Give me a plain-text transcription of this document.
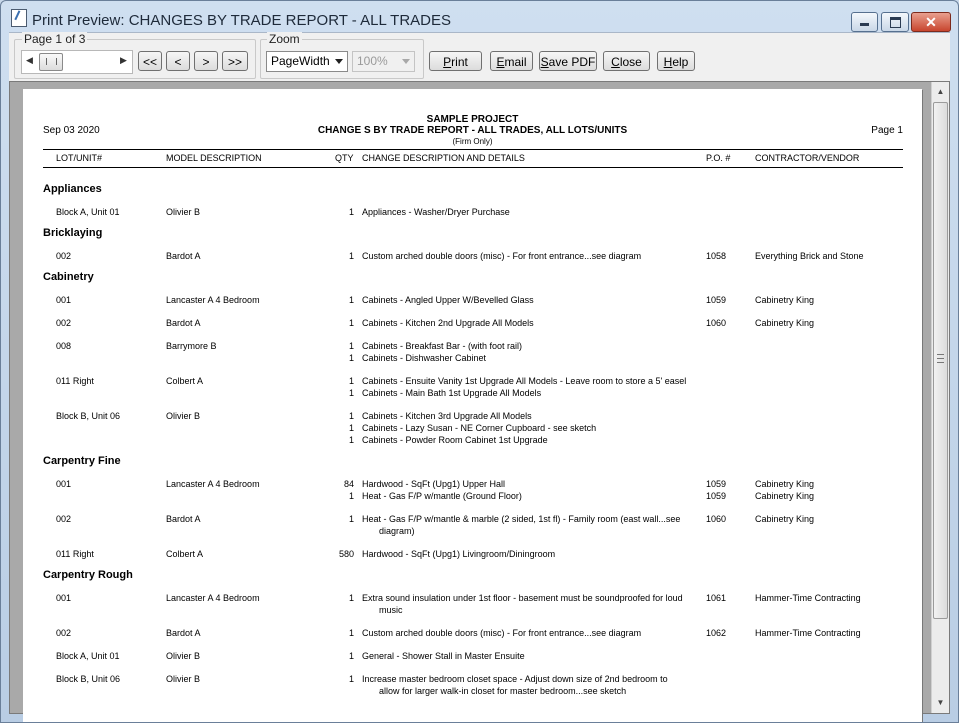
Print Preview: CHANGES BY TRADE REPORT - ALL TRADES	✕
Page 1 of 3
◀	▶	<<	<	>	>>
Zoom
PageWidth	100%	Print	Email	Save PDF	Close	Help
SAMPLE PROJECT
Sep 03 2020	CHANGE S BY TRADE REPORT - ALL TRADES, ALL LOTS/UNITS	Page 1
(Firm Only)
LOT/UNIT#	MODEL DESCRIPTION	QTY CHANGE DESCRIPTION AND DETAILS	P.O. #	CONTRACTOR/VENDOR
Appliances
Block A, Unit 01	Olivier B	1 Appliances - Washer/Dryer Purchase
Bricklaying
002	Bardot A	1 Custom arched double doors (misc) - For front entrance...see diagram	1058	Everything Brick and Stone
Cabinetry
001	Lancaster A 4 Bedroom	1 Cabinets - Angled Upper W/Bevelled Glass	1059	Cabinetry King
002	Bardot A	1 Cabinets - Kitchen 2nd Upgrade All Models	1060	Cabinetry King
008	Barrymore B	1 Cabinets - Breakfast Bar - (with foot rail)
1 Cabinets - Dishwasher Cabinet
011 Right	Colbert A	1 Cabinets - Ensuite Vanity 1st Upgrade All Models - Leave room to store a 5' easel
1 Cabinets - Main Bath 1st Upgrade All Models
Block B, Unit 06	Olivier B	1 Cabinets - Kitchen 3rd Upgrade All Models
1 Cabinets - Lazy Susan - NE Corner Cupboard - see sketch
1 Cabinets - Powder Room Cabinet 1st Upgrade
Carpentry Fine
001	Lancaster A 4 Bedroom	84 Hardwood - SqFt (Upg1) Upper Hall	1059	Cabinetry King
1 Heat - Gas F/P w/mantle (Ground Floor)	1059	Cabinetry King
002	Bardot A	1 Heat - Gas F/P w/mantle & marble (2 sided, 1st fl) - Family room (east wall...see	1060	Cabinetry King
diagram)
011 Right	Colbert A	580 Hardwood - SqFt (Upg1) Livingroom/Diningroom
Carpentry Rough
001	Lancaster A 4 Bedroom	1 Extra sound insulation under 1st floor - basement must be soundproofed for loud	1061	Hammer-Time Contracting
music
002	Bardot A	1 Custom arched double doors (misc) - For front entrance...see diagram	1062	Hammer-Time Contracting
Block A, Unit 01	Olivier B	1 General - Shower Stall in Master Ensuite
Block B, Unit 06	Olivier B	1 Increase master bedroom closet space - Adjust down size of 2nd bedroom to
allow for larger walk-in closet for master bedroom...see sketch
▲
▼
